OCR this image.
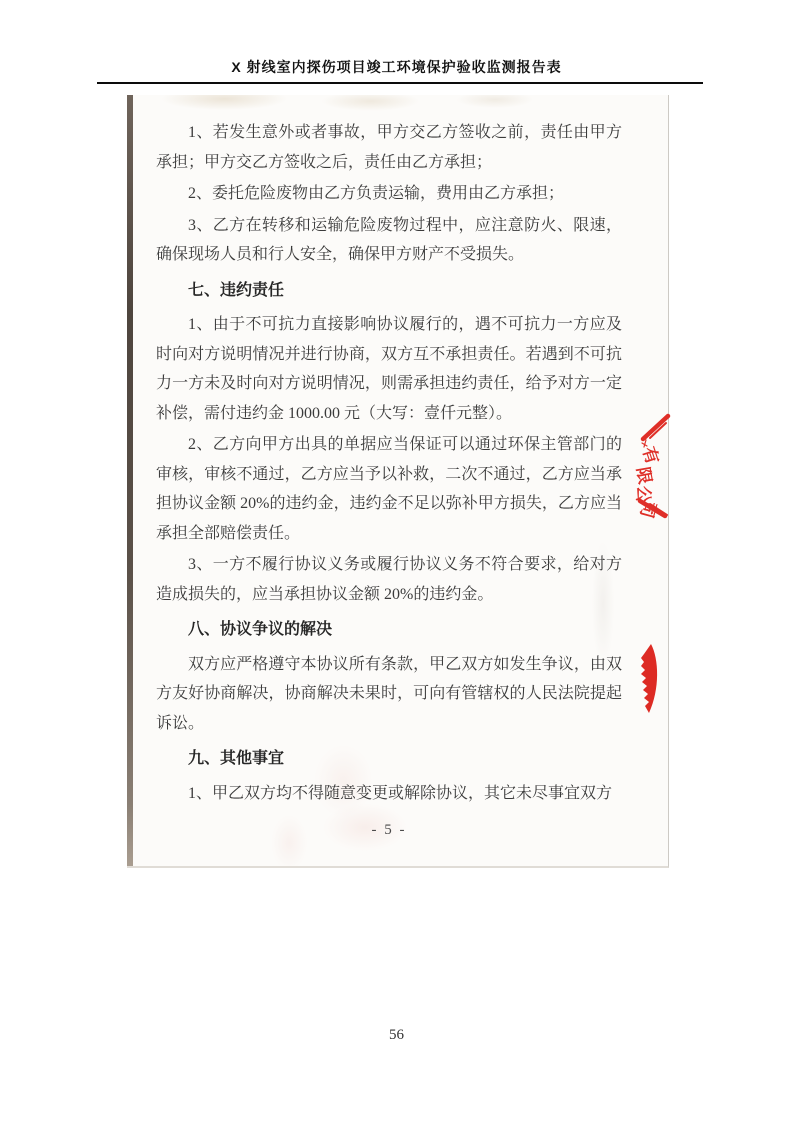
X 射线室内探伤项目竣工环境保护验收监测报告表

1、若发生意外或者事故，甲方交乙方签收之前，责任由甲方承担；甲方交乙方签收之后，责任由乙方承担；

2、委托危险废物由乙方负责运输，费用由乙方承担；

3、乙方在转移和运输危险废物过程中，应注意防火、限速，确保现场人员和行人安全，确保甲方财产不受损失。

七、违约责任

1、由于不可抗力直接影响协议履行的，遇不可抗力一方应及时向对方说明情况并进行协商，双方互不承担责任。若遇到不可抗力一方未及时向对方说明情况，则需承担违约责任，给予对方一定补偿，需付违约金 1000.00 元（大写：壹仟元整）。

2、乙方向甲方出具的单据应当保证可以通过环保主管部门的审核，审核不通过，乙方应当予以补救，二次不通过，乙方应当承担协议金额 20%的违约金，违约金不足以弥补甲方损失，乙方应当承担全部赔偿责任。

3、一方不履行协议义务或履行协议义务不符合要求，给对方造成损失的，应当承担协议金额 20%的违约金。

八、协议争议的解决

双方应严格遵守本协议所有条款，甲乙双方如发生争议，由双方友好协商解决，协商解决未果时，可向有管辖权的人民法院提起诉讼。

九、其他事宜

1、甲乙双方均不得随意变更或解除协议，其它未尽事宜双方

- 5 -
有
限
公
司
56
